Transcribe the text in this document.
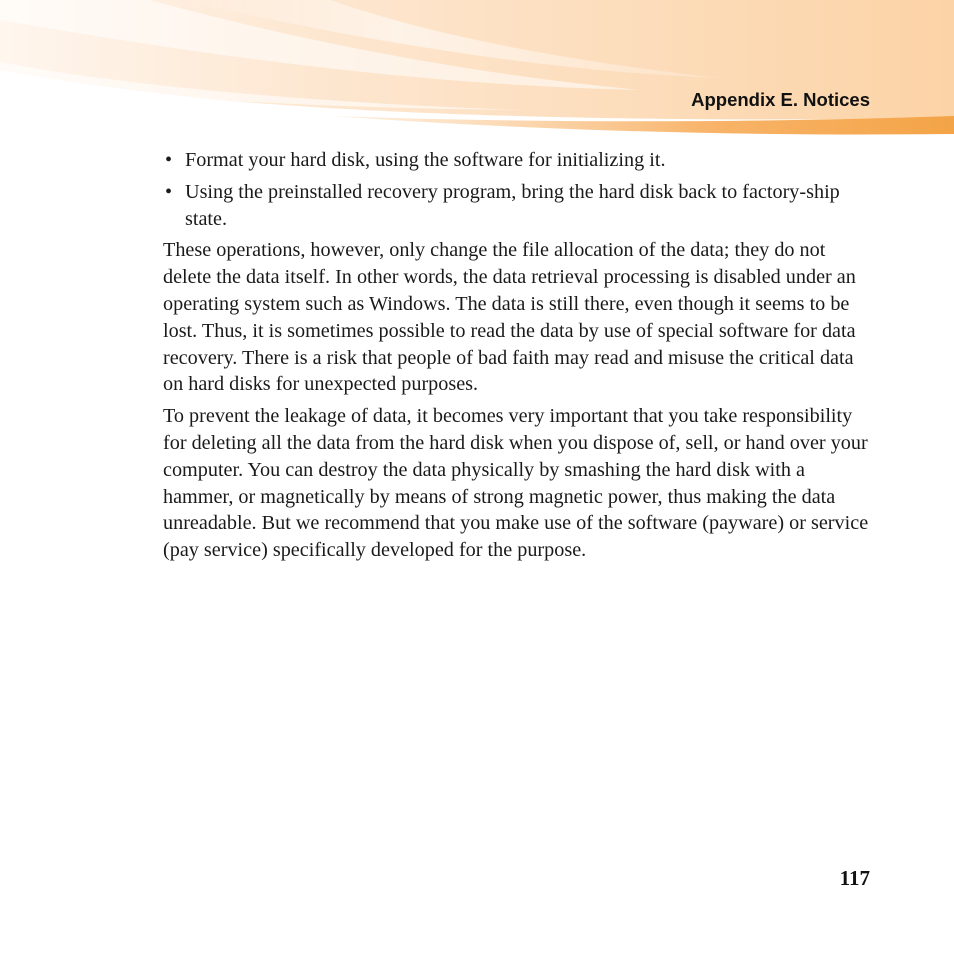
Appendix E. Notices
• Format your hard disk, using the software for initializing it.
• Using the preinstalled recovery program, bring the hard disk back to factory-ship state.

These operations, however, only change the file allocation of the data; they do not delete the data itself. In other words, the data retrieval processing is disabled under an operating system such as Windows. The data is still there, even though it seems to be lost. Thus, it is sometimes possible to read the data by use of special software for data recovery. There is a risk that people of bad faith may read and misuse the critical data on hard disks for unexpected purposes.

To prevent the leakage of data, it becomes very important that you take responsibility for deleting all the data from the hard disk when you dispose of, sell, or hand over your computer. You can destroy the data physically by smashing the hard disk with a hammer, or magnetically by means of strong magnetic power, thus making the data unreadable. But we recommend that you make use of the software (payware) or service (pay service) specifically developed for the purpose.

117
